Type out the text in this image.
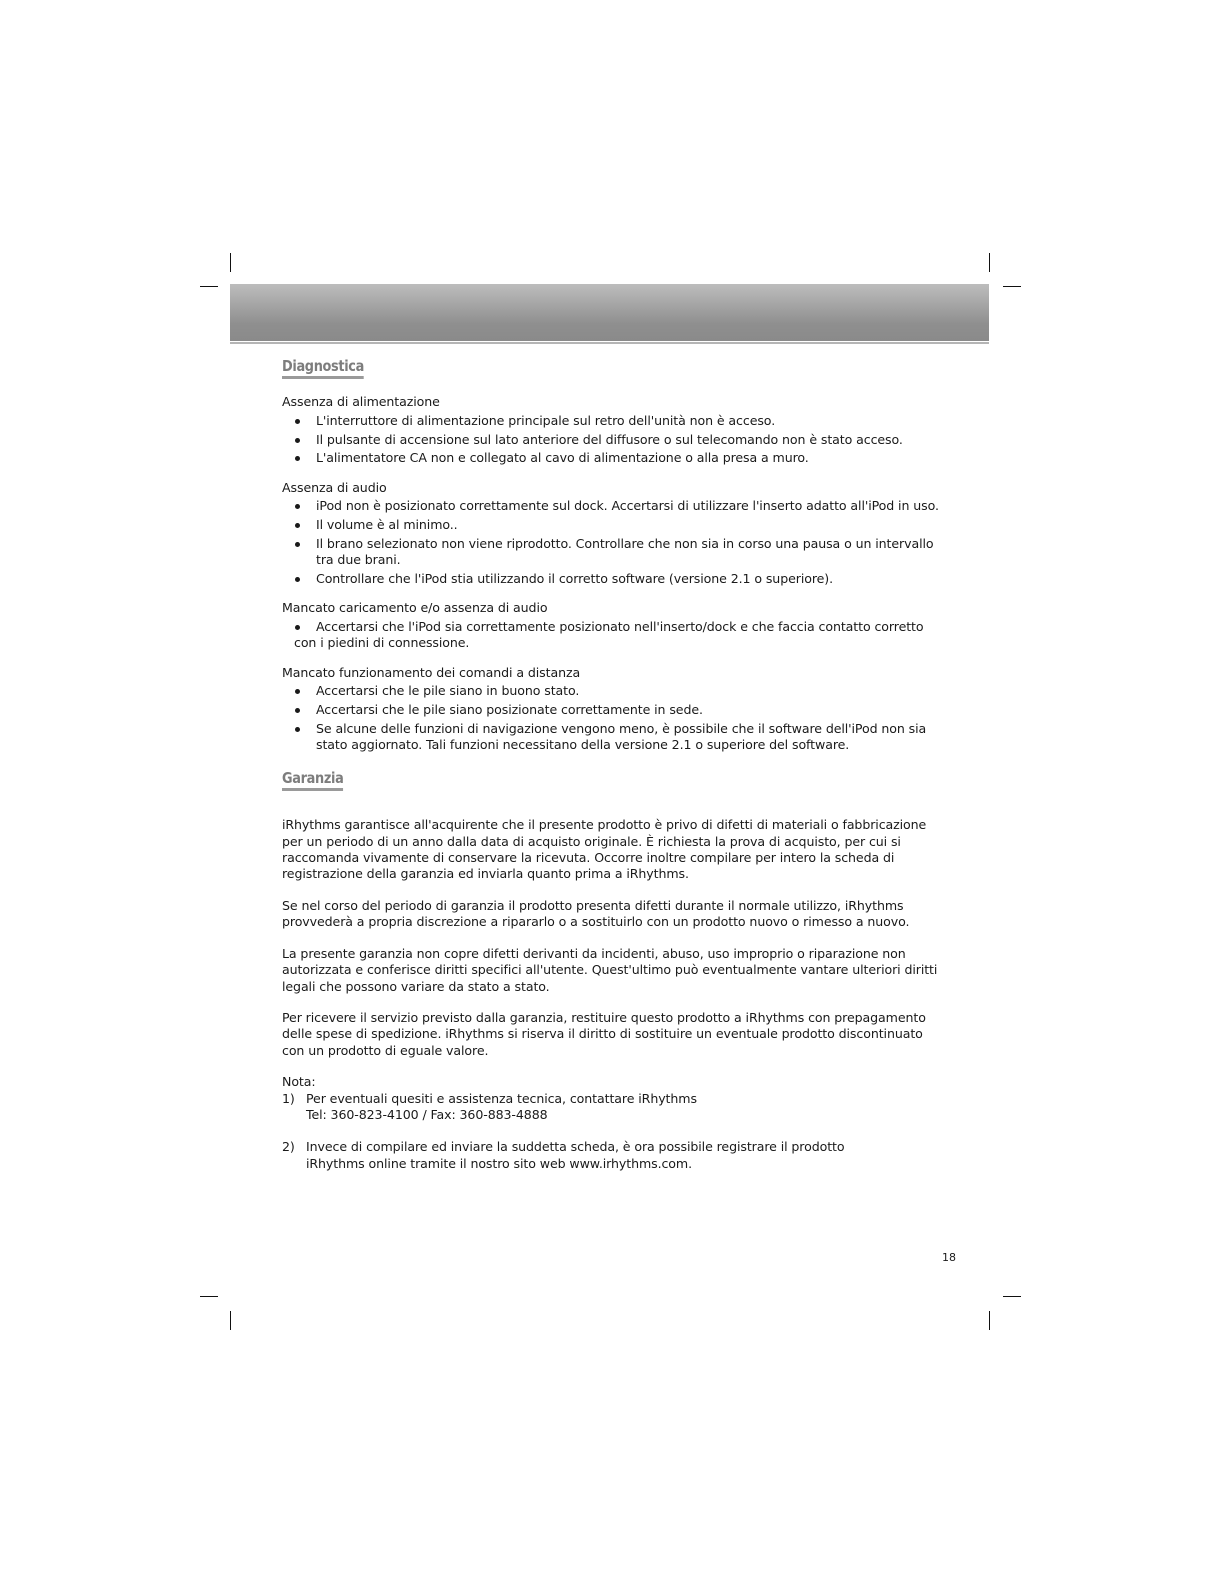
Diagnostica

Assenza di alimentazione

L'interruttore di alimentazione principale sul retro dell'unità non è acceso.
Il pulsante di accensione sul lato anteriore del diffusore o sul telecomando non è stato acceso.
L'alimentatore CA non e collegato al cavo di alimentazione o alla presa a muro.

Assenza di audio

iPod non è posizionato correttamente sul dock. Accertarsi di utilizzare l'inserto adatto all'iPod in uso.
Il volume è al minimo..
Il brano selezionato non viene riprodotto. Controllare che non sia in corso una pausa o un intervallo tra due brani.
Controllare che l'iPod stia utilizzando il corretto software (versione 2.1 o superiore).

Mancato caricamento e/o assenza di audio

Accertarsi che l'iPod sia correttamente posizionato nell'inserto/dock e che faccia contatto corretto con i piedini di connessione.

Mancato funzionamento dei comandi a distanza

Accertarsi che le pile siano in buono stato.
Accertarsi che le pile siano posizionate correttamente in sede.
Se alcune delle funzioni di navigazione vengono meno, è possibile che il software dell'iPod non sia stato aggiornato. Tali funzioni necessitano della versione 2.1 o superiore del software.
Garanzia

iRhythms garantisce all'acquirente che il presente prodotto è privo di difetti di materiali o fabbricazione per un periodo di un anno dalla data di acquisto originale. È richiesta la prova di acquisto, per cui si raccomanda vivamente di conservare la ricevuta. Occorre inoltre compilare per intero la scheda di registrazione della garanzia ed inviarla quanto prima a iRhythms.

Se nel corso del periodo di garanzia il prodotto presenta difetti durante il normale utilizzo, iRhythms provvederà a propria discrezione a ripararlo o a sostituirlo con un prodotto nuovo o rimesso a nuovo.

La presente garanzia non copre difetti derivanti da incidenti, abuso, uso improprio o riparazione non autorizzata e conferisce diritti specifici all'utente. Quest'ultimo può eventualmente vantare ulteriori diritti legali che possono variare da stato a stato.

Per ricevere il servizio previsto dalla garanzia, restituire questo prodotto a iRhythms con prepagamento delle spese di spedizione. iRhythms si riserva il diritto di sostituire un eventuale prodotto discontinuato con un prodotto di eguale valore.

Nota:

1) Per eventuali quesiti e assistenza tecnica, contattare iRhythms
Tel: 360-823-4100 / Fax: 360-883-4888
2) Invece di compilare ed inviare la suddetta scheda, è ora possibile registrare il prodotto
iRhythms online tramite il nostro sito web www.irhythms.com.
18
